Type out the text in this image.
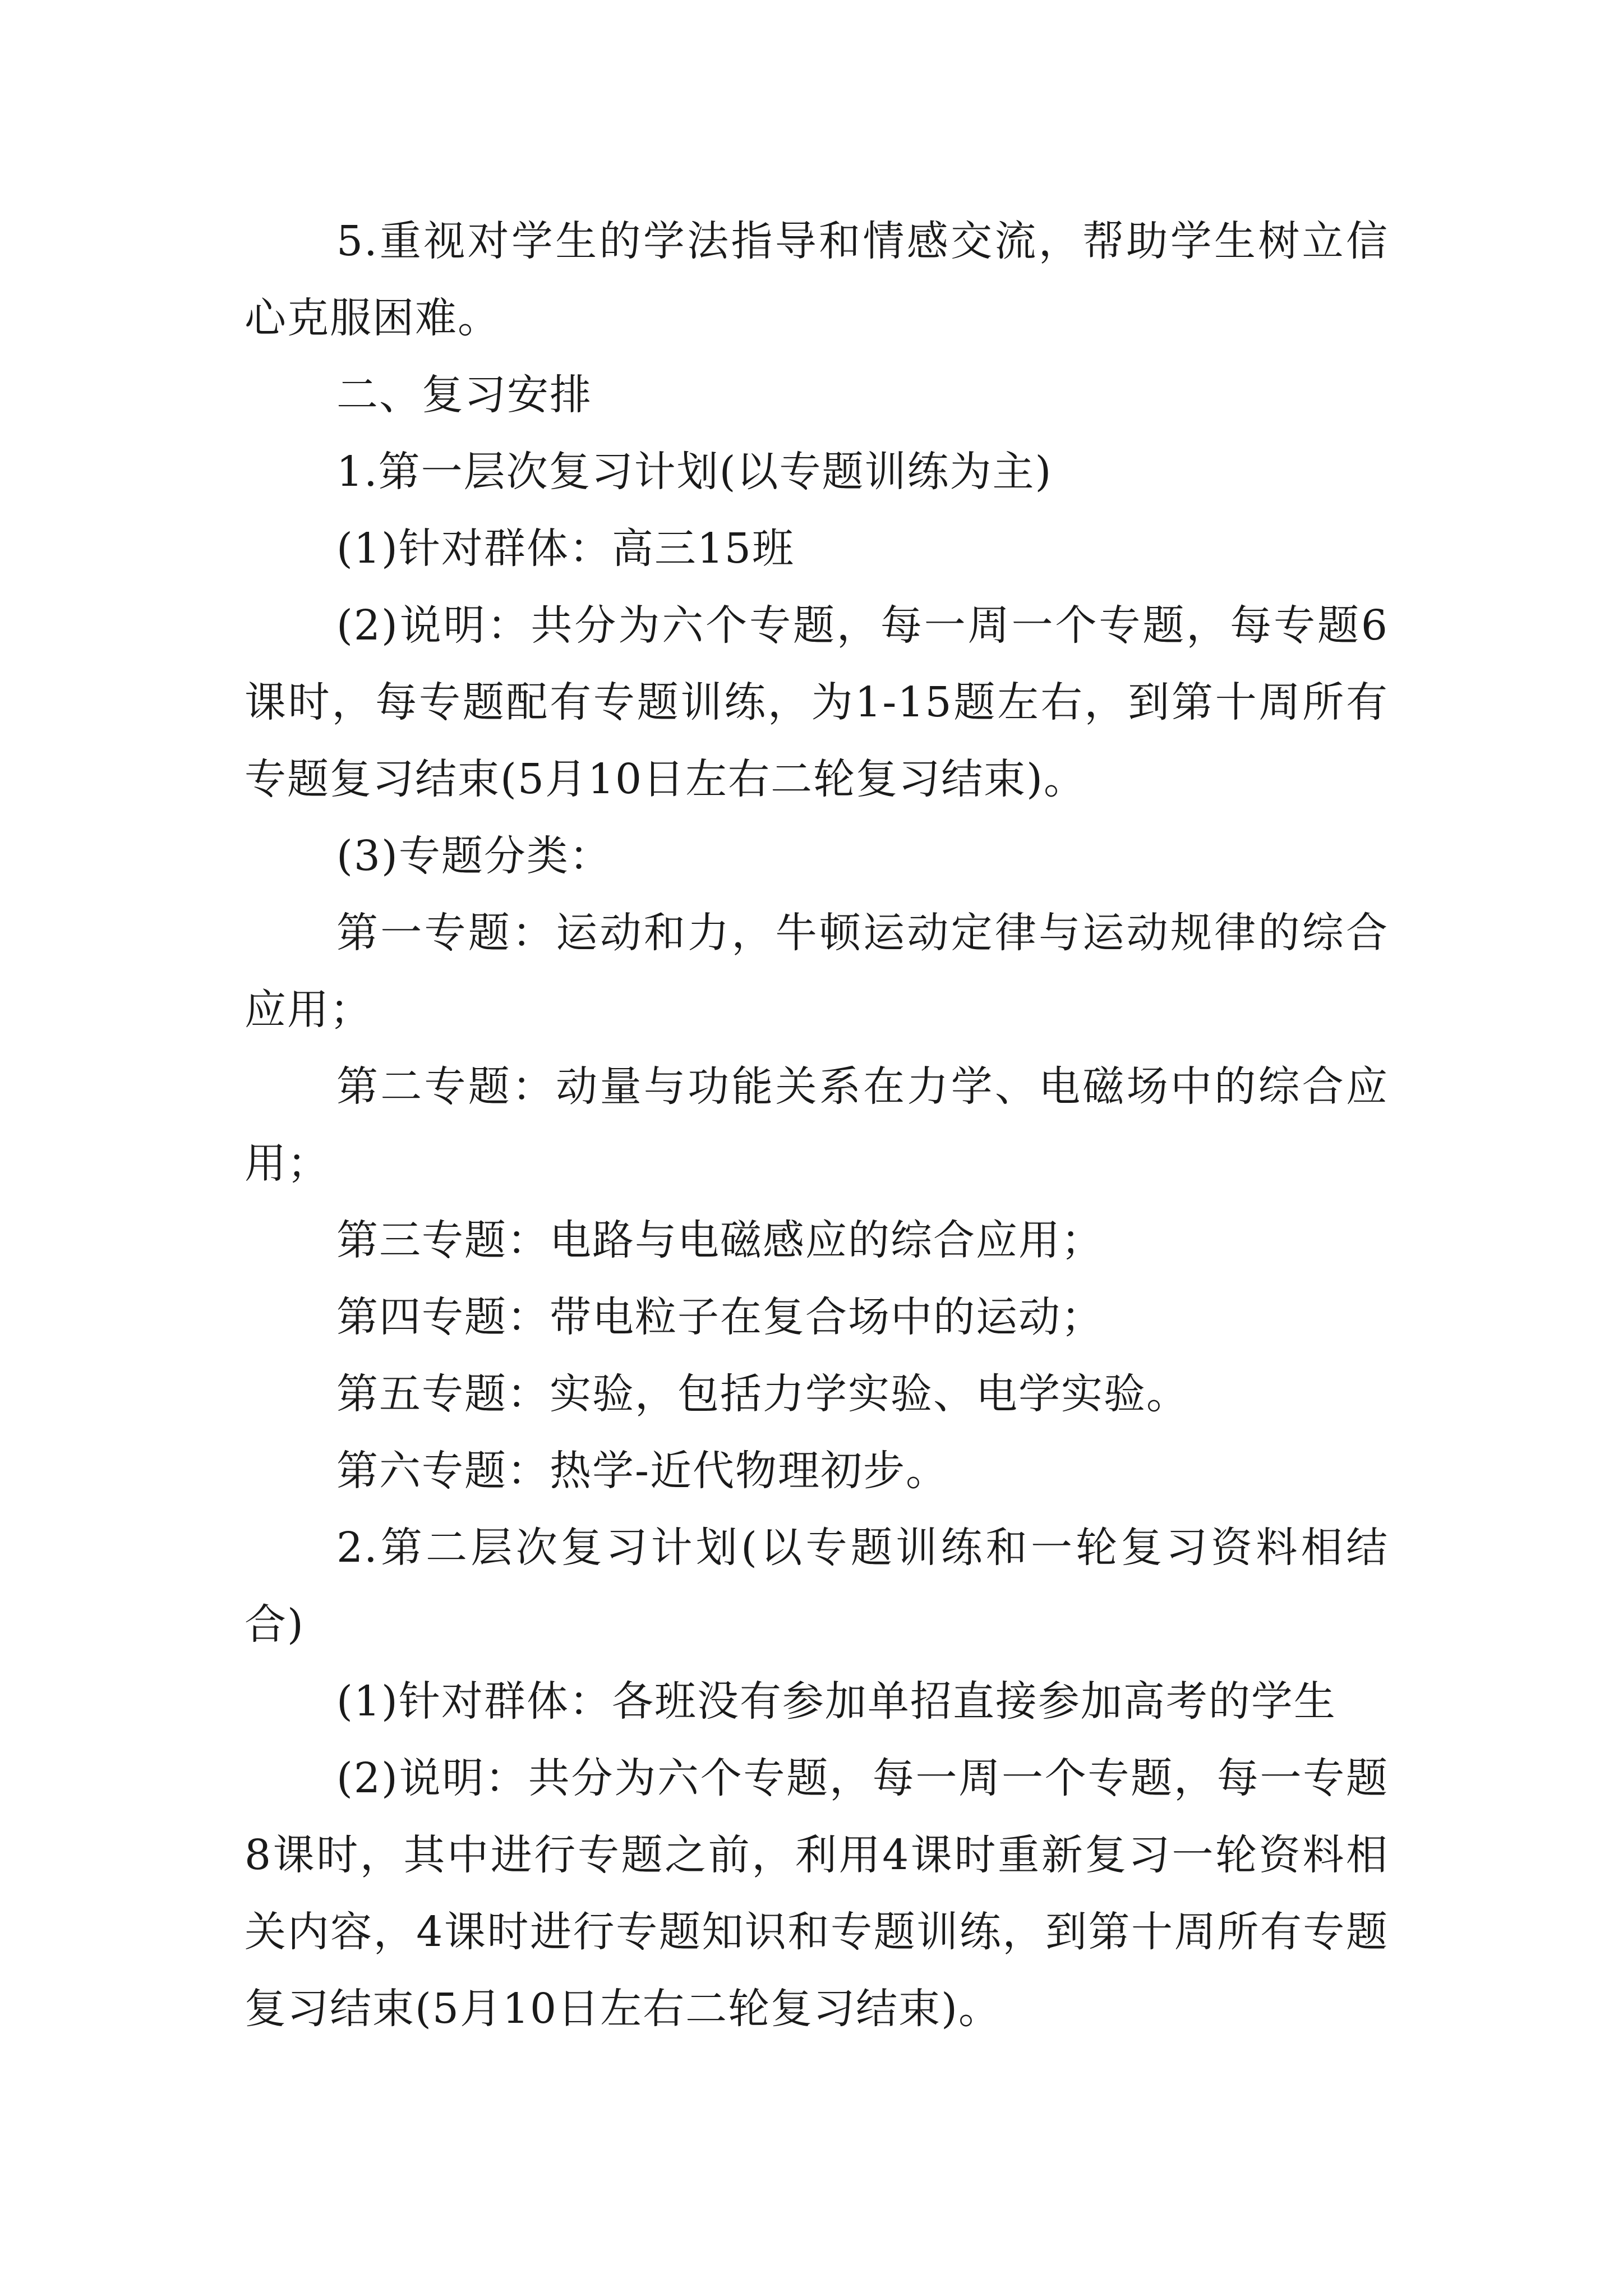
5.重视对学生的学法指导和情感交流，帮助学生树立信心克服困难。

二、复习安排

1.第一层次复习计划(以专题训练为主)

(1)针对群体：高三15班

(2)说明：共分为六个专题，每一周一个专题，每专题6课时，每专题配有专题训练，为1-15题左右，到第十周所有专题复习结束(5月10日左右二轮复习结束)。

(3)专题分类：

第一专题：运动和力，牛顿运动定律与运动规律的综合应用；

第二专题：动量与功能关系在力学、电磁场中的综合应用；

第三专题：电路与电磁感应的综合应用；

第四专题：带电粒子在复合场中的运动；

第五专题：实验，包括力学实验、电学实验。

第六专题：热学-近代物理初步。

2.第二层次复习计划(以专题训练和一轮复习资料相结合)

(1)针对群体：各班没有参加单招直接参加高考的学生

(2)说明：共分为六个专题，每一周一个专题，每一专题8课时，其中进行专题之前，利用4课时重新复习一轮资料相关内容，4课时进行专题知识和专题训练，到第十周所有专题复习结束(5月10日左右二轮复习结束)。
